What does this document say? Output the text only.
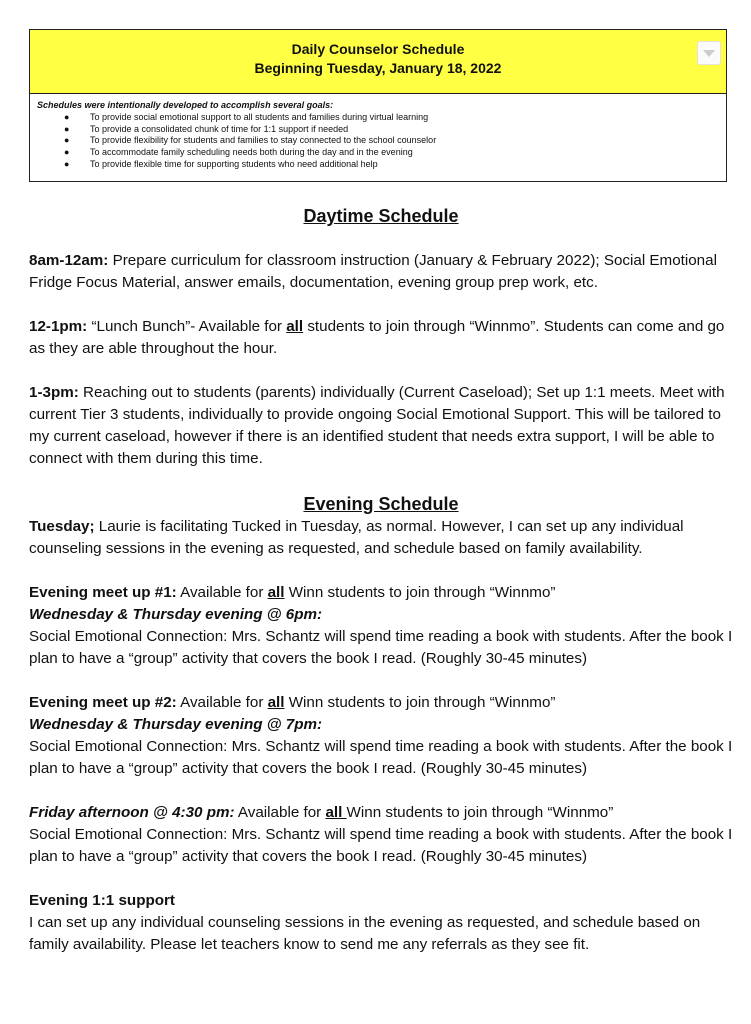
Daily Counselor Schedule
Beginning Tuesday, January 18, 2022
Schedules were intentionally developed to accomplish several goals:
● To provide social emotional support to all students and families during virtual learning
● To provide a consolidated chunk of time for 1:1 support if needed
● To provide flexibility for students and families to stay connected to the school counselor
● To accommodate family scheduling needs both during the day and in the evening
● To provide flexible time for supporting students who need additional help
Daytime Schedule

8am-12am: Prepare curriculum for classroom instruction (January & February 2022); Social Emotional Fridge Focus Material, answer emails, documentation, evening group prep work, etc.

12-1pm: “Lunch Bunch”- Available for all students to join through “Winnmo”. Students can come and go as they are able throughout the hour.

1-3pm: Reaching out to students (parents) individually (Current Caseload); Set up 1:1 meets. Meet with current Tier 3 students, individually to provide ongoing Social Emotional Support. This will be tailored to my current caseload, however if there is an identified student that needs extra support, I will be able to connect with them during this time.

Evening Schedule

Tuesday; Laurie is facilitating Tucked in Tuesday, as normal. However, I can set up any individual counseling sessions in the evening as requested, and schedule based on family availability.

Evening meet up #1: Available for all Winn students to join through “Winnmo”

Wednesday & Thursday evening @ 6pm:

Social Emotional Connection: Mrs. Schantz will spend time reading a book with students. After the book I plan to have a “group” activity that covers the book I read. (Roughly 30-45 minutes)

Evening meet up #2: Available for all Winn students to join through “Winnmo”

Wednesday & Thursday evening @ 7pm:

Social Emotional Connection: Mrs. Schantz will spend time reading a book with students. After the book I plan to have a “group” activity that covers the book I read. (Roughly 30-45 minutes)

Friday afternoon @ 4:30 pm: Available for all Winn students to join through “Winnmo”

Social Emotional Connection: Mrs. Schantz will spend time reading a book with students. After the book I plan to have a “group” activity that covers the book I read. (Roughly 30-45 minutes)

Evening 1:1 support

I can set up any individual counseling sessions in the evening as requested, and schedule based on family availability. Please let teachers know to send me any referrals as they see fit.
